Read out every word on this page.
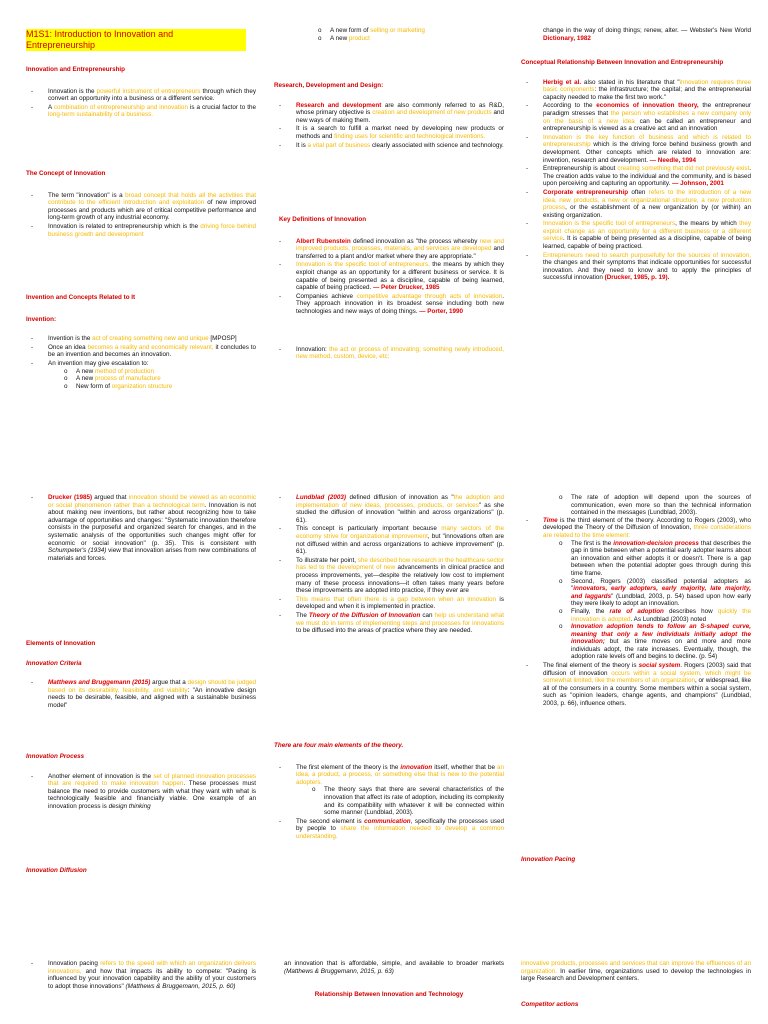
M1S1: Introduction to Innovation and
Entrepreneurship

Innovation and Entrepreneurship

- Innovation is the powerful instrument of entrepreneurs through which they convert an opportunity into a business or a different service.
- A combination of entrepreneurship and innovation is a crucial factor to the long-term sustainability of a business.

The Concept of Innovation

- The term "innovation" is a broad concept that holds all the activities that contribute to the efficient introduction and exploitation of new improved processes and products which are of critical competitive performance and long-term growth of any industrial economy.
- Innovation is related to entrepreneurship which is the driving force behind business growth and development

Invention and Concepts Related to It

Invention:

- Invention is the act of creating something new and unique [MPOSP]
- Once an idea becomes a reality and economically relevant, it concludes to be an invention and becomes an innovation.
- An invention may give escalation to:
o A new method of production
o A new process of manufacture
o New form of organization structure
- Drucker (1985) argued that innovation should be viewed as an economic or social phenomenon rather than a technological term. Innovation is not about making new inventions, but rather about recognizing how to take advantage of opportunities and changes: "Systematic innovation therefore consists in the purposeful and organized search for changes, and in the systematic analysis of the opportunities such changes might offer for economic or social innovation" (p. 35). This is consistent with Schumpeter's (1934) view that innovation arises from new combinations of materials and forces.

Elements of Innovation

Innovation Criteria

- Matthews and Bruggemann (2015) argue that a design should be judged based on its desirability, feasibility, and viability: "An innovative design needs to be desirable, feasible, and aligned with a sustainable business model"

Innovation Process

- Another element of innovation is the set of planned innovation processes that are required to make innovation happen. These processes must balance the need to provide customers with what they want with what is technologically feasible and financially viable. One example of an innovation process is design thinking

Innovation Diffusion

- Innovation pacing refers to the speed with which an organization delivers innovations, and how that impacts its ability to compete: "Pacing is influenced by your innovation capability and the ability of your customers to adopt those innovations" (Matthews & Bruggemann, 2015, p. 60)
o A new form of selling or marketing
o A new product

Research, Development and Design:

- Research and development are also commonly referred to as R&D, whose primary objective is creation and development of new products and new ways of making them.
- It is a search to fulfill a market need by developing new products or methods and finding uses for scientific and technological inventions.
- It is a vital part of business clearly associated with science and technology.

Key Definitions of Innovation

- Albert Rubenstein defined innovation as "the process whereby new and improved products, processes, materials, and services are developed and transferred to a plant and/or market where they are appropriate."
- Innovation is the specific tool of entrepreneurs, the means by which they exploit change as an opportunity for a different business or service. It is capable of being presented as a discipline, capable of being learned, capable of being practiced. — Peter Drucker, 1985
- Companies achieve competitive advantage through acts of innovation. They approach innovation in its broadest sense including both new technologies and new ways of doing things. — Porter, 1990
- Innovation: the act or process of innovating; something newly introduced, new method, custom, device, etc;
- Lundblad (2003) defined diffusion of innovation as "the adoption and implementation of new ideas, processes, products, or services" as she studied the diffusion of innovation "within and across organizations" (p. 61).
- This concept is particularly important because many sectors of the economy strive for organizational improvement, but "innovations often are not diffused within and across organizations to achieve improvement" (p. 61).
- To illustrate her point, she described how research in the healthcare sector has led to the development of new advancements in clinical practice and process improvements, yet—despite the relatively low cost to implement many of these process innovations—it often takes many years before these improvements are adopted into practice, if they ever are
- This means that often there is a gap between when an innovation is developed and when it is implemented in practice.
- The Theory of the Diffusion of Innovation can help us understand what we must do in terms of implementing steps and processes for innovations to be diffused into the areas of practice where they are needed.

There are four main elements of the theory.

- The first element of the theory is the innovation itself, whether that be an idea, a product, a process, or something else that is new to the potential adopters.
o The theory says that there are several characteristics of the innovation that affect its rate of adoption, including its complexity and its compatibility with whatever it will be connected within some manner (Lundblad, 2003).
- The second element is communication, specifically the processes used by people to share the information needed to develop a common understanding.

an innovation that is affordable, simple, and available to broader markets (Matthews & Bruggemann, 2015, p. 63)

Relationship Between Innovation and Technology

change in the way of doing things; renew, alter. — Webster's New World Dictionary, 1982

Conceptual Relationship Between Innovation and Entrepreneurship

- Herbig et al. also stated in his literature that "innovation requires three basic components: the infrastructure; the capital; and the entrepreneurial capacity needed to make the first two work."
- According to the economics of innovation theory, the entrepreneur paradigm stresses that the person who establishes a new company only on the basis of a new idea can be called an entrepreneur and entrepreneurship is viewed as a creative act and an innovation
- Innovation is the key function of business and which is related to entrepreneurship which is the driving force behind business growth and development. Other concepts which are related to innovation are: invention, research and development. — Needle, 1994
- Entrepreneurship is about creating something that did not previously exist. The creation adds value to the individual and the community, and is based upon perceiving and capturing an opportunity. — Johnson, 2001
- Corporate entrepreneurship often refers to the introduction of a new idea, new products, a new or organizational structure, a new production process, or the establishment of a new organization by (or within) an existing organization.
- Innovation is the specific tool of entrepreneurs, the means by which they exploit change as an opportunity for a different business or a different service. It is capable of being presented as a discipline, capable of being learned, capable of being practiced.
- Entrepreneurs need to search purposefully for the sources of innovation, the changes and their symptoms that indicate opportunities for successful innovation. And they need to know and to apply the principles of successful innovation (Drucker, 1985, p. 19).
o The rate of adoption will depend upon the sources of communication, even more so than the technical information contained in the messages (Lundblad, 2003).
- Time is the third element of the theory. According to Rogers (2003), who developed the Theory of the Diffusion of Innovation, three considerations are related to the time element:
o The first is the innovation-decision process that describes the gap in time between when a potential early adopter learns about an innovation and either adopts it or doesn't. There is a gap between when the potential adopter goes through during this time frame.
o Second, Rogers (2003) classified potential adopters as "innovators, early adopters, early majority, late majority, and laggards" (Lundblad, 2003, p. 54) based upon how early they were likely to adopt an innovation.
o Finally, the rate of adoption describes how quickly the innovation is adopted. As Lundblad (2003) noted
o Innovation adoption tends to follow an S-shaped curve, meaning that only a few individuals initially adopt the innovation; but as time moves on and more and more individuals adopt, the rate increases. Eventually, though, the adoption rate levels off and begins to decline. (p. 54)
- The final element of the theory is social system. Rogers (2003) said that diffusion of innovation occurs within a social system, which might be somewhat limited, like the members of an organization, or widespread, like all of the consumers in a country. Some members within a social system, such as "opinion leaders, change agents, and champions" (Lundblad, 2003, p. 66), influence others.

Innovation Pacing

innovative products, processes and services that can improve the effluences of an organization. In earlier time, organizations used to develop the technologies in large Research and Development centers.

Competitor actions
